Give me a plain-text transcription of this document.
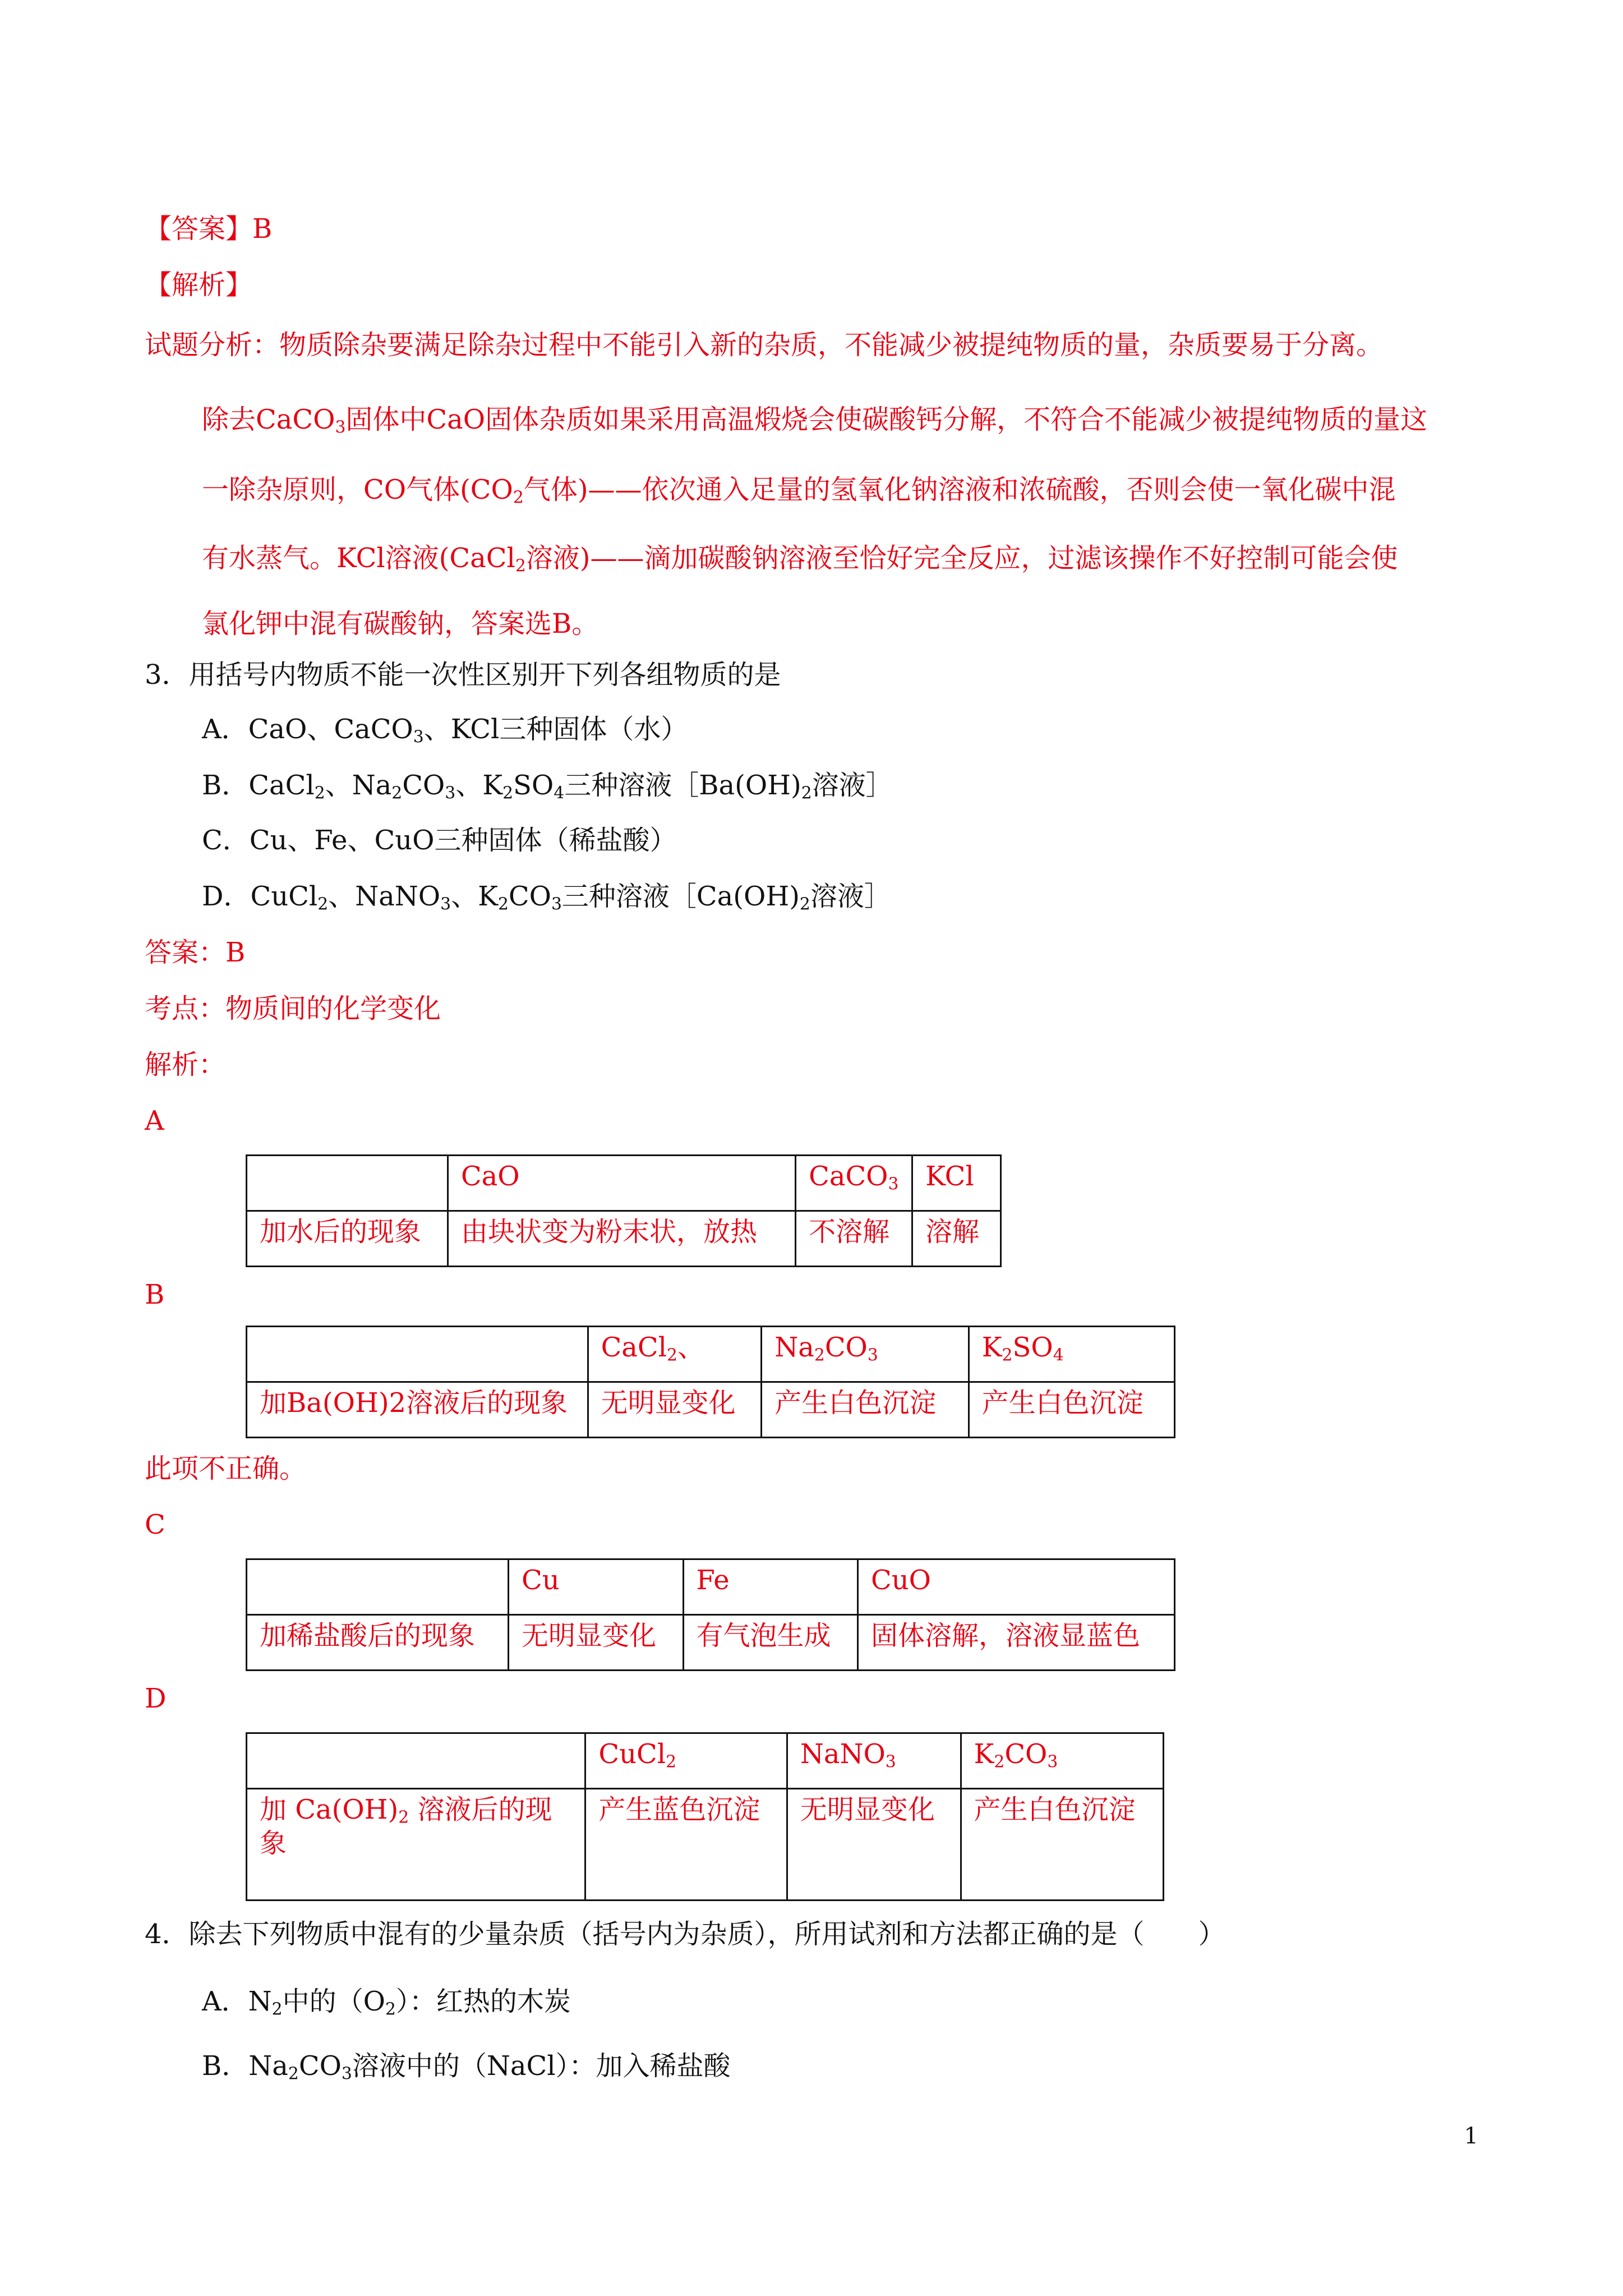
【答案】B
【解析】
试题分析：物质除杂要满足除杂过程中不能引入新的杂质，不能减少被提纯物质的量，杂质要易于分离。
除去CaCO$_3$固体中CaO固体杂质如果采用高温煅烧会使碳酸钙分解，不符合不能减少被提纯物质的量这
一除杂原则，CO气体($CO_2$气体)——依次通入足量的氢氧化钠溶液和浓硫酸，否则会使一氧化碳中混
有水蒸气。KCl溶液(CaCl$_2$溶液)——滴加碳酸钠溶液至恰好完全反应，过滤该操作不好控制可能会使
氯化钾中混有碳酸钠，答案选B。
3．用括号内物质不能一次性区别开下列各组物质的是
A．CaO、CaCO$_3$、KCl三种固体（水）
B．CaCl$_2$、$Na_2CO_3$、$K_2SO_4$三种溶液$[Ba(OH)_2$溶液］
C．Cu、Fe、CuO三种固体（稀盐酸）
D．CuCl$_2$、NaNO$_3$、$K_2CO_3$三种溶液$[Ca(OH)_2$溶液］
答案：B
考点：物质间的化学变化
解析：
A
	CaO	CaCO$_3$	KCl
加水后的现象	由块状变为粉末状，放热	不溶解	溶解
B
	CaCl$_2$、	$Na_2CO_3$	$K_2SO_4$
加Ba(OH)2溶液后的现象	无明显变化	产生白色沉淀	产生白色沉淀
此项不正确。
C
	Cu	Fe	CuO
加稀盐酸后的现象	无明显变化	有气泡生成	固体溶解，溶液显蓝色
D
	CuCl$_2$	NaNO$_3$	$K_2CO_3$
加 $Ca(OH)_2$ 溶液后的现象	产生蓝色沉淀	无明显变化	产生白色沉淀
4．除去下列物质中混有的少量杂质（括号内为杂质），所用试剂和方法都正确的是（　　）
A．$N_2$中的$(O_2)$：红热的木炭
B．$Na_2CO_3$溶液中的（NaCl）：加入稀盐酸
1
